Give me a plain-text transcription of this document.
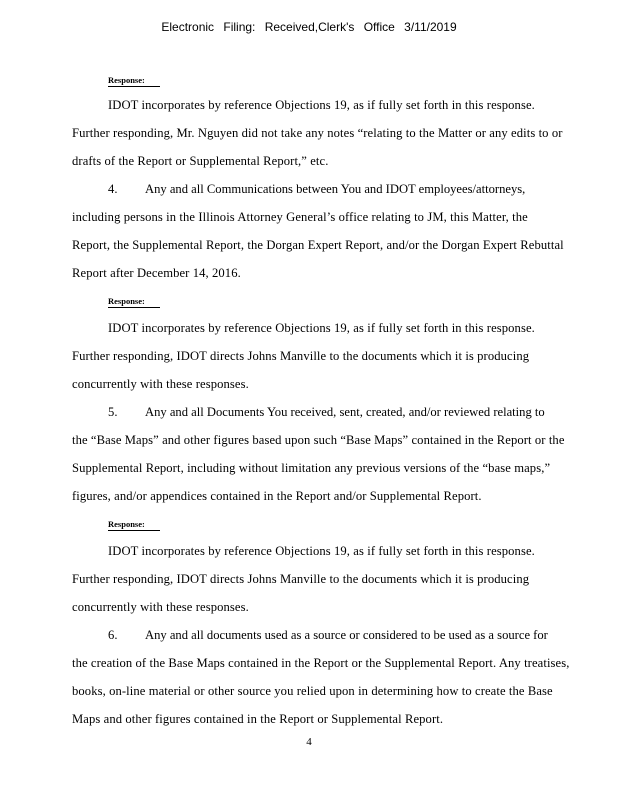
Electronic Filing: Received,Clerk's Office 3/11/2019
Response:
IDOT incorporates by reference Objections 19, as if fully set forth in this response.
Further responding, Mr. Nguyen did not take any notes “relating to the Matter or any edits to or
drafts of the Report or Supplemental Report,” etc.
4. Any and all Communications between You and IDOT employees/attorneys,
including persons in the Illinois Attorney General’s office relating to JM, this Matter, the
Report, the Supplemental Report, the Dorgan Expert Report, and/or the Dorgan Expert Rebuttal
Report after December 14, 2016.
Response:
IDOT incorporates by reference Objections 19, as if fully set forth in this response.
Further responding, IDOT directs Johns Manville to the documents which it is producing
concurrently with these responses.
5. Any and all Documents You received, sent, created, and/or reviewed relating to
the “Base Maps” and other figures based upon such “Base Maps” contained in the Report or the
Supplemental Report, including without limitation any previous versions of the “base maps,”
figures, and/or appendices contained in the Report and/or Supplemental Report.
Response:
IDOT incorporates by reference Objections 19, as if fully set forth in this response.
Further responding, IDOT directs Johns Manville to the documents which it is producing
concurrently with these responses.
6. Any and all documents used as a source or considered to be used as a source for
the creation of the Base Maps contained in the Report or the Supplemental Report. Any treatises,
books, on-line material or other source you relied upon in determining how to create the Base
Maps and other figures contained in the Report or Supplemental Report.
4
